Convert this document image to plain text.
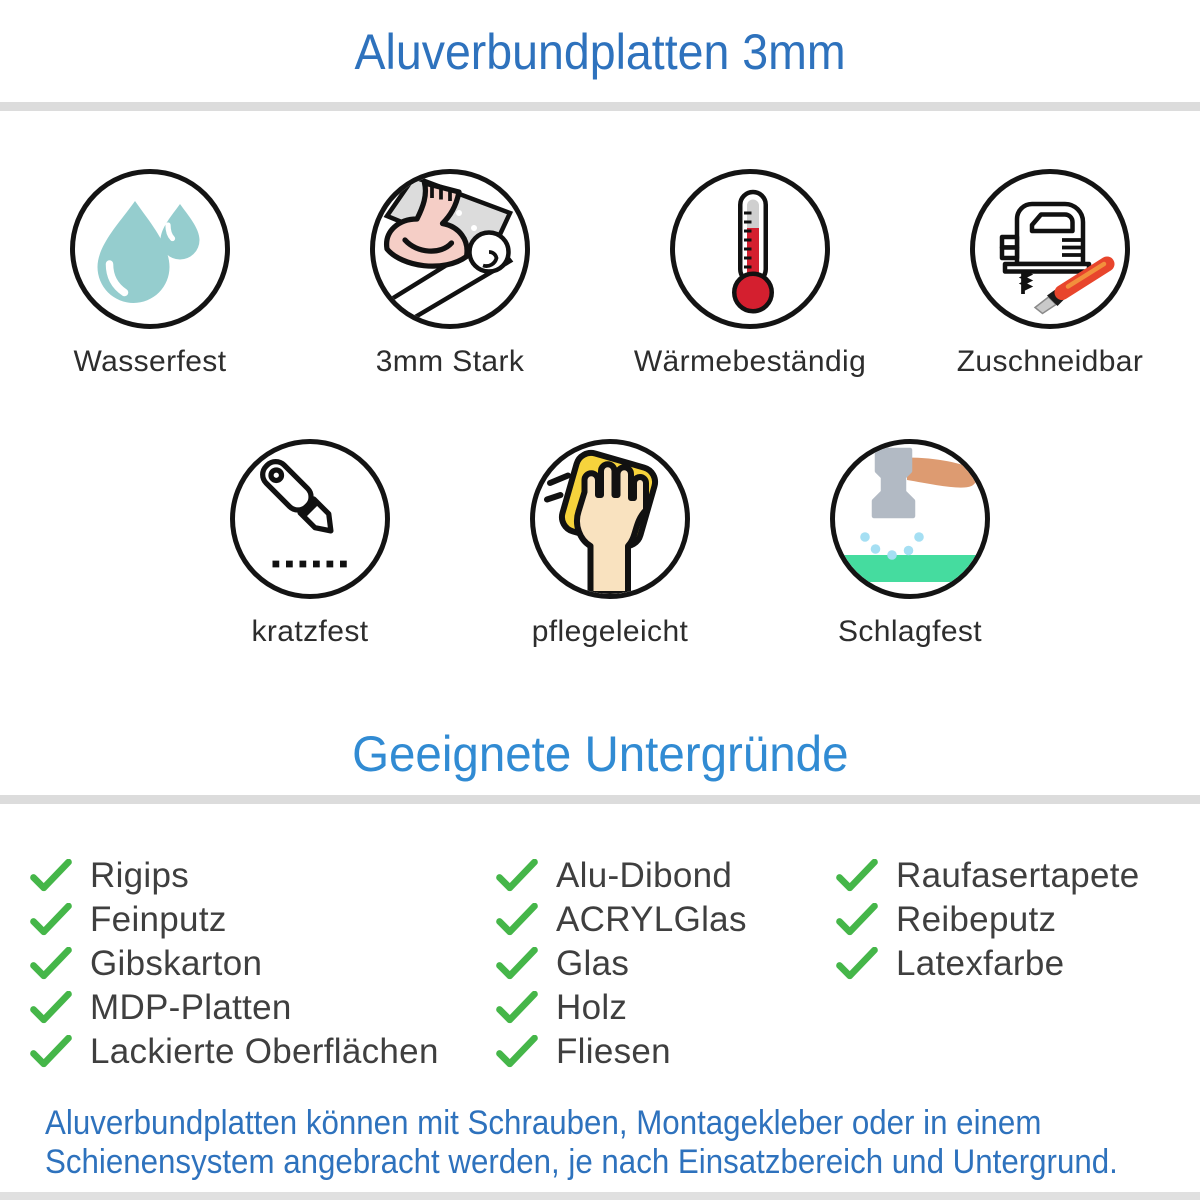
Aluverbundplatten 3mm
Wasserfest	3mm Stark	Wärmebeständig	Zuschneidbar
kratzfest	pflegeleicht	Schlagfest
Geeignete Untergründe
Rigips
Feinputz
Gibskarton
MDP-Platten
Lackierte Oberflächen
Alu-Dibond
ACRYLGlas
Glas
Holz
Fliesen
Raufasertapete
Reibeputz
Latexfarbe
Aluverbundplatten können mit Schrauben, Montagekleber oder in einem
Schienensystem angebracht werden, je nach Einsatzbereich und Untergrund.
